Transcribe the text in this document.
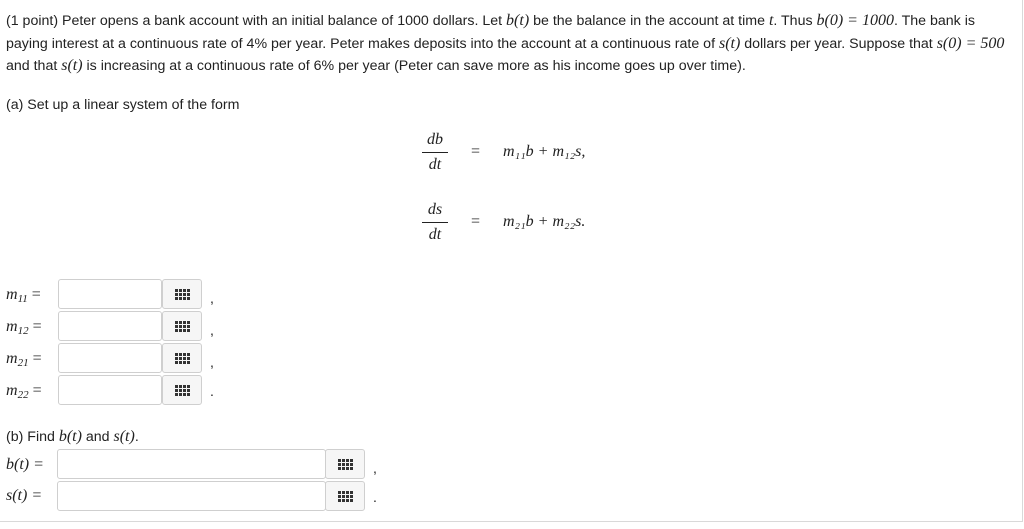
(1 point) Peter opens a bank account with an initial balance of 1000 dollars. Let b(t) be the balance in the account at time t. Thus b(0) = 1000. The bank is paying interest at a continuous rate of 4% per year. Peter makes deposits into the account at a continuous rate of s(t) dollars per year. Suppose that s(0) = 500 and that s(t) is increasing at a continuous rate of 6% per year (Peter can save more as his income goes up over time).
(a) Set up a linear system of the form
db
dt
= m₁₁b + m₁₂s,
ds
dt
= m₂₁b + m₂₂s.
$m_{11}$ =	,
$m_{12}$ =	,
$m_{21}$ =	,
$m_{22}$ =	.
(b) Find b(t) and s(t).
b(t) =	,
s(t) =	.
